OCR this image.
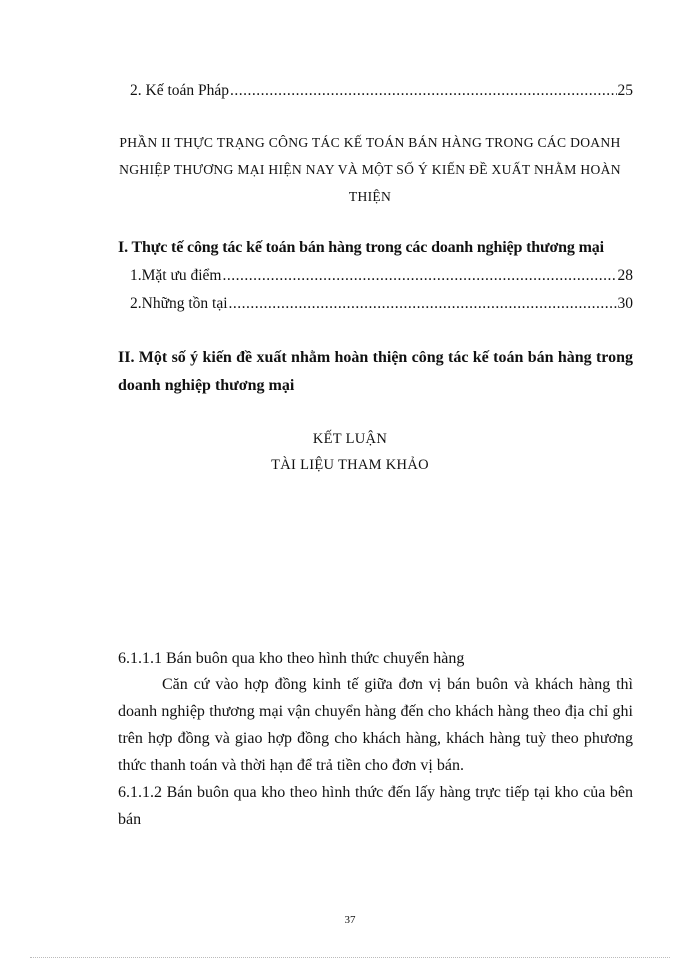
2. Kế toán Pháp .....	25
PHẦN II THỰC TRẠNG CÔNG TÁC KẾ TOÁN BÁN HÀNG TRONG CÁC DOANH NGHIỆP THƯƠNG MẠI HIỆN NAY VÀ MỘT SỐ Ý KIẾN ĐỀ XUẤT NHẰM HOÀN THIỆN
I. Thực tế công tác kế toán bán hàng trong các doanh nghiệp thương mại
1.Mặt ưu điểm .....	28
2.Những tồn tại .....	30
II. Một số ý kiến đề xuất nhằm hoàn thiện công tác kế toán bán hàng trong doanh nghiệp thương mại
KẾT LUẬN
TÀI LIỆU THAM KHẢO
6.1.1.1 Bán buôn qua kho theo hình thức chuyển hàng
Căn cứ vào hợp đồng kinh tế giữa đơn vị bán buôn và khách hàng thì doanh nghiệp thương mại vận chuyển hàng đến cho khách hàng theo địa chỉ ghi trên hợp đồng và giao hợp đồng cho khách hàng, khách hàng tuỳ theo phương thức thanh toán và thời hạn để trả tiền cho đơn vị bán.
6.1.1.2 Bán buôn qua kho theo hình thức đến lấy hàng trực tiếp tại kho của bên bán
37
